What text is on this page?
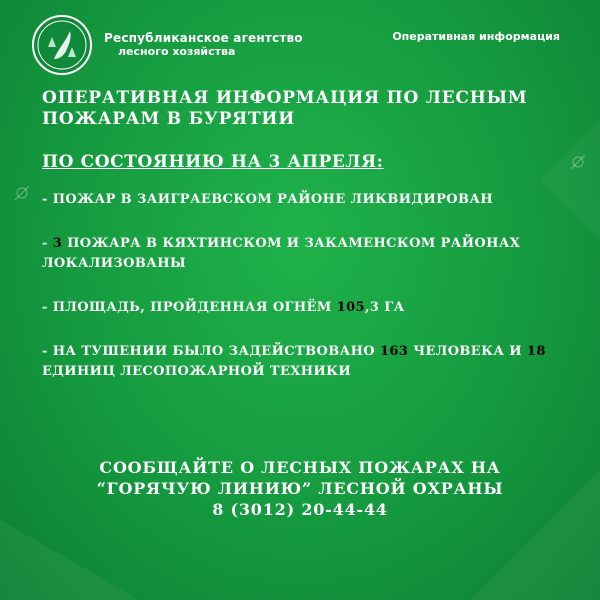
Республиканское агентство
лесного хозяйства
Оперативная информация
ОПЕРАТИВНАЯ ИНФОРМАЦИЯ ПО ЛЕСНЫМ ПОЖАРАМ В БУРЯТИИ
ПО СОСТОЯНИЮ НА 3 АПРЕЛЯ:
- ПОЖАР В ЗАИГРАЕВСКОМ РАЙОНЕ ЛИКВИДИРОВАН
- 3 ПОЖАРА В КЯХТИНСКОМ И ЗАКАМЕНСКОМ РАЙОНАХ ЛОКАЛИЗОВАНЫ
- ПЛОЩАДЬ, ПРОЙДЕННАЯ ОГНЁМ 105,3 ГА
- НА ТУШЕНИИ БЫЛО ЗАДЕЙСТВОВАНО 163 ЧЕЛОВЕКА И 18 ЕДИНИЦ ЛЕСОПОЖАРНОЙ ТЕХНИКИ
СООБЩАЙТЕ О ЛЕСНЫХ ПОЖАРАХ НА
“ГОРЯЧУЮ ЛИНИЮ” ЛЕСНОЙ ОХРАНЫ
8 (3012) 20-44-44
